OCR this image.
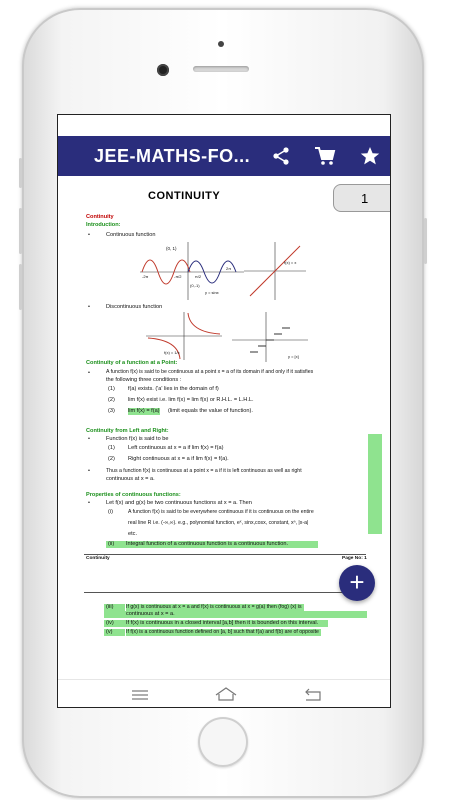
JEE-MATHS-FO...
CONTINUITY	1
Continuity
Introduction:
•	Continuous function
(0, 1)
-π/2	π/2
2π
-2π
(0,-1)
y = sinx
f(x) = x
•	Discontinuous function
f(x) = 1/x
y = [x]
Continuity of a function at a Point:
•	A function f(x) is said to be continuous at a point x = a of its domain if and only if it satisfies
the following three conditions :
(1) f(a) exists. ('a' lies in the domain of f)
(2) lim f(x) exist i.e. lim f(x) = lim f(x) or R.H.L. = L.H.L.
(3) lim f(x) = f(a) (limit equals the value of function).
Continuity from Left and Right:
•	Function f(x) is said to be
(1) Left continuous at x = a if lim f(x) = f(a)
(2) Right continuous at x = a if lim f(x) = f(a).
•	Thus a function f(x) is continuous at a point x = a if it is left continuous as well as right
continuous at x = a.
Properties of continuous functions:
•	Let f(x) and g(x) be two continuous functions at x = a. Then
(i)	A function f(x) is said to be everywhere continuous if it is continuous on the entire
real line R i.e. (-∞,∞). e.g., polynomial function, eˣ, sinx,cosx, constant, xⁿ, |x-a|
etc.
(ii)	Integral function of a continuous function is a continuous function.
Continuity	Page No: 1
(iii)	If g(x) is continuous at x = a and f(x) is continuous at x = g(a) then (fog) (x) is
continuous at x = a.
(iv)	If f(x) is continuous in a closed interval [a,b] then it is bounded on this interval.
(v)	If f(x) is a continuous function defined on [a, b] such that f(a) and f(b) are of opposite
+
